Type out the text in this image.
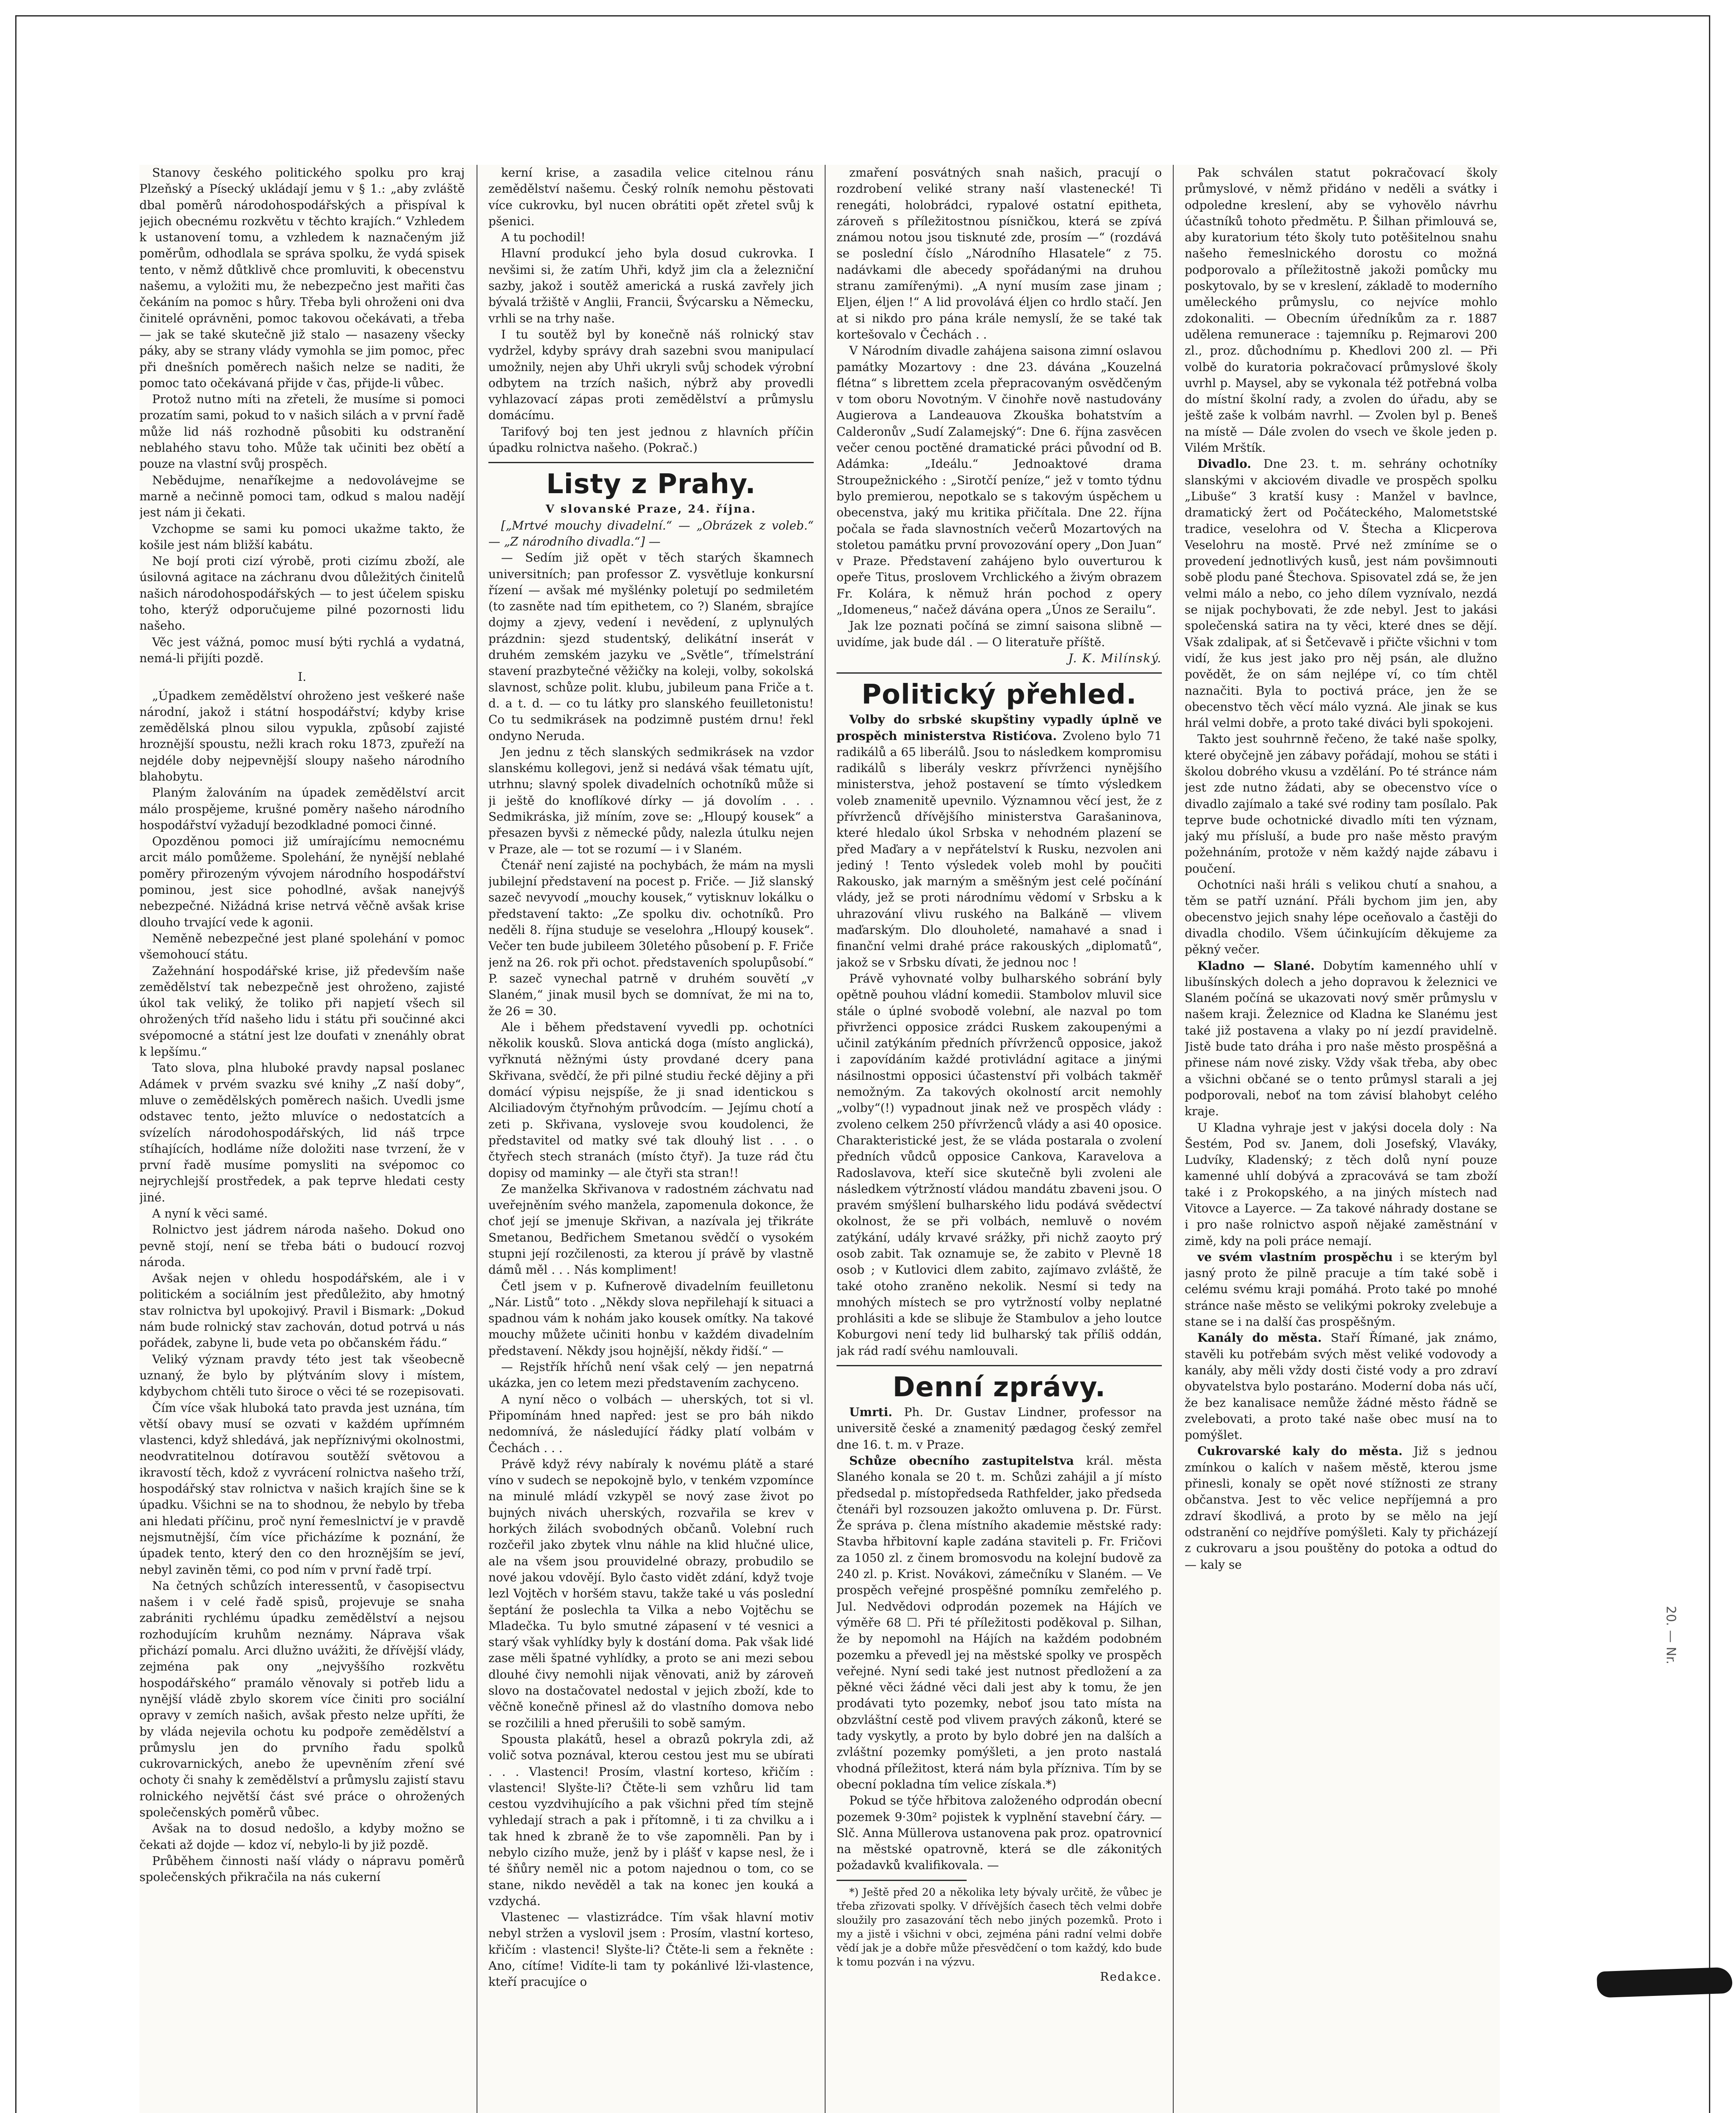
Stanovy českého politického spolku pro kraj Plzeňský a Písecký ukládají jemu v § 1.: „aby zvláště dbal poměrů národohospodářských a přispíval k jejich obecnému rozkvětu v těchto krajích.“ Vzhledem k ustanovení tomu, a vzhledem k naznačeným již poměrům, odhodlala se správa spolku, že vydá spisek tento, v němž důtklivě chce promluviti, k obecenstvu našemu, a vyložiti mu, že nebezpečno jest mařiti čas čekáním na pomoc s hůry. Třeba byli ohroženi oni dva činitelé oprávněni, pomoc takovou očekávati, a třeba — jak se také skutečně již stalo — nasazeny všecky páky, aby se strany vlády vymohla se jim pomoc, přec při dnešních poměrech našich nelze se naditi, že pomoc tato očekávaná přijde v čas, přijde-li vůbec.

Protož nutno míti na zřeteli, že musíme si pomoci prozatím sami, pokud to v našich silách a v první řadě může lid náš rozhodně působiti ku odstranění neblahého stavu toho. Může tak učiniti bez obětí a pouze na vlastní svůj prospěch.

Nebědujme, nenaříkejme a nedovolávejme se marně a nečinně pomoci tam, odkud s malou nadějí jest nám ji čekati.

Vzchopme se sami ku pomoci ukažme takto, že košile jest nám bližší kabátu.

Ne bojí proti cizí výrobě, proti cizímu zboží, ale úsilovná agitace na záchranu dvou důležitých činitelů našich národohospodářských — to jest účelem spisku toho, kterýž odporučujeme pilné pozornosti lidu našeho.

Věc jest vážná, pomoc musí býti rychlá a vydatná, nemá-li přijíti pozdě.

I.

„Úpadkem zemědělství ohroženo jest veškeré naše národní, jakož i státní hospodářství; kdyby krise zemědělská plnou silou vypukla, způsobí zajisté hroznější spoustu, nežli krach roku 1873, zpuřeží na nejdéle doby nejpevnější sloupy našeho národního blahobytu.

Planým žalováním na úpadek zemědělství arcit málo prospějeme, krušné poměry našeho národního hospodářství vyžadují bezodkladné pomoci činné.

Opozděnou pomoci již umírajícímu nemocnému arcit málo pomůžeme. Spolehání, že nynější neblahé poměry přirozeným vývojem národního hospodářství pominou, jest sice pohodlné, avšak nanejvýš nebezpečné. Nižádná krise netrvá věčně avšak krise dlouho trvající vede k agonii.

Neměně nebezpečné jest plané spolehání v pomoc všemohoucí státu.

Zažehnání hospodářské krise, již především naše zemědělství tak nebezpečně jest ohroženo, zajisté úkol tak veliký, že toliko při napjetí všech sil ohrožených tříd našeho lidu i státu při součinné akci svépomocné a státní jest lze doufati v znenáhly obrat k lepšímu.“

Tato slova, plna hluboké pravdy napsal poslanec Adámek v prvém svazku své knihy „Z naší doby“, mluve o zemědělských poměrech našich. Uvedli jsme odstavec tento, ježto mluvíce o nedostatcích a svízelích národohospodářských, lid náš trpce stíhajících, hodláme níže doložiti nase tvrzení, že v první řadě musíme pomysliti na svépomoc co nejrychlejší prostředek, a pak teprve hledati cesty jiné.

A nyní k věci samé.

Rolnictvo jest jádrem národa našeho. Dokud ono pevně stojí, není se třeba báti o budoucí rozvoj národa.

Avšak nejen v ohledu hospodářském, ale i v politickém a sociálním jest předůležito, aby hmotný stav rolnictva byl upokojivý. Pravil i Bismark: „Dokud nám bude rolnický stav zachován, dotud potrvá u nás pořádek, zabyne li, bude veta po občanském řádu.“

Veliký význam pravdy této jest tak všeobecně uznaný, že bylo by plýtváním slovy i místem, kdybychom chtěli tuto široce o věci té se rozepisovati.

Čím více však hluboká tato pravda jest uznána, tím větší obavy musí se ozvati v každém upřímném vlastenci, když shledává, jak nepříznivými okolnostmi, neodvratitelnou dotíravou soutěží světovou a ikravostí těch, kdož z vyvrácení rolnictva našeho trží, hospodářský stav rolnictva v našich krajích šine se k úpadku. Všichni se na to shodnou, že nebylo by třeba ani hledati příčinu, proč nyní řemeslnictví je v pravdě nejsmutnější, čím více přicházíme k poznání, že úpadek tento, který den co den hroznějším se jeví, nebyl zaviněn těmi, co pod ním v první řadě trpí.

Na četných schůzích interessentů, v časopisectvu našem i v celé řadě spisů, projevuje se snaha zabrániti rychlému úpadku zemědělství a nejsou rozhodujícím kruhům neznámy. Náprava však přichází pomalu. Arci dlužno uvážiti, že dřívější vlády, zejména pak ony „nejvyššího rozkvětu hospodářského“ pramálo věnovaly si potřeb lidu a nynější vládě zbylo skorem více činiti pro sociální opravy v zemích našich, avšak přesto nelze upříti, že by vláda nejevila ochotu ku podpoře zemědělství a průmyslu jen do prvního řadu spolků cukrovarnických, anebo že upevněním zření své ochoty či snahy k zemědělství a průmyslu zajistí stavu rolnického největší část své práce o ohrožených společenských poměrů vůbec.

Avšak na to dosud nedošlo, a kdyby možno se čekati až dojde — kdoz ví, nebylo-li by již pozdě.

Průběhem činnosti naší vlády o nápravu poměrů společenských přikračila na nás cukerní

kerní krise, a zasadila velice citelnou ránu zemědělství našemu. Český rolník nemohu pěstovati více cukrovku, byl nucen obrátiti opět zřetel svůj k pšenici.

A tu pochodil!

Hlavní produkcí jeho byla dosud cukrovka. I nevšimi si, že zatím Uhři, když jim cla a železniční sazby, jakož i soutěž americká a ruská zavřely jich bývalá tržiště v Anglii, Francii, Švýcarsku a Německu, vrhli se na trhy naše.

I tu soutěž byl by konečně náš rolnický stav vydržel, kdyby správy drah sazebni svou manipulací umožnily, nejen aby Uhři ukryli svůj schodek výrobní odbytem na trzích našich, nýbrž aby provedli vyhlazovací zápas proti zemědělství a průmyslu domácímu.

Tarifový boj ten jest jednou z hlavních příčin úpadku rolnictva našeho. (Pokrač.)

Listy z Prahy.

V slovanské Praze, 24. října.

[„Mrtvé mouchy divadelní.“ — „Obrázek z voleb.“ — „Z národního divadla.“] —

— Sedím již opět v těch starých škamnech universitních; pan professor Z. vysvětluje konkursní řízení — avšak mé myšlénky poletují po sedmiletém (to zasněte nad tím epithetem, co ?) Slaném, sbrajíce dojmy a zjevy, vedení i nevědení, z uplynulých prázdnin: sjezd studentský, delikátní inserát v druhém zemském jazyku ve „Světle“, třímelstrání stavení prazbytečné věžičky na koleji, volby, sokolská slavnost, schůze polit. klubu, jubileum pana Friče a t. d. a t. d. — co tu látky pro slanského feuilletonistu! Co tu sedmikrásek na podzimně pustém drnu! řekl ondyno Neruda.

Jen jednu z těch slanských sedmikrásek na vzdor slanskému kollegovi, jenž si nedává však tématu ujít, utrhnu; slavný spolek divadelních ochotníků může si ji ještě do knoflíkové dírky — já dovolím . . . Sedmikráska, již míním, zove se: „Hloupý kousek“ a přesazen byvši z německé půdy, nalezla útulku nejen v Praze, ale — tot se rozumí — i v Slaném.

Čtenář není zajisté na pochybách, že mám na mysli jubilejní představení na pocest p. Friče. — Již slanský sazeč nevyvodí „mouchy kousek,“ vytisknuv lokálku o představení takto: „Ze spolku div. ochotníků. Pro neděli 8. října studuje se veselohra „Hloupý kousek“. Večer ten bude jubileem 30letého působení p. F. Friče jenž na 26. rok při ochot. představeních spolupůsobí.“ P. sazeč vynechal patrně v druhém souvětí „v Slaném,“ jinak musil bych se domnívat, že mi na to, že 26 = 30.

Ale i během představení vyvedli pp. ochotníci několik kousků. Slova antická doga (místo anglická), vyřknutá něžnými ústy provdané dcery pana Skřivana, svědčí, že při pilné studiu řecké dějiny a při domácí výpisu nejspíše, že ji snad identickou s Alciliadovým čtyřnohým průvodcím. — Jejímu chotí a zeti p. Skřivana, vysloveje svou koudolenci, že představitel od matky své tak dlouhý list . . . o čtyřech stech stranách (místo čtyř). Ja tuze rád čtu dopisy od maminky — ale čtyři sta stran!!

Ze manželka Skřivanova v radostném záchvatu nad uveřejněním svého manžela, zapomenula dokonce, že choť její se jmenuje Skřivan, a nazívala jej třikráte Smetanou, Bedřichem Smetanou svědčí o vysokém stupni její rozčilenosti, za kterou jí právě by vlastně dámů měl . . . Nás kompliment!

Četl jsem v p. Kufnerově divadelním feuilletonu „Nár. Listů“ toto . „Někdy slova nepřilehají k situaci a spadnou vám k nohám jako kousek omítky. Na takové mouchy můžete učiniti honbu v každém divadelním představení. Někdy jsou hojnější, někdy řidší.“ —

— Rejstřík hříchů není však celý — jen nepatrná ukázka, jen co letem mezi představením zachyceno.

A nyní něco o volbách — uherských, tot si vl. Připomínám hned napřed: jest se pro báh nikdo nedomnívá, že následující řádky platí volbám v Čechách . . .

Právě když révy nabíraly k novému plátě a staré víno v sudech se nepokojně bylo, v tenkém vzpomínce na minulé mládí vzkypěl se nový zase život po bujných nivách uherských, rozvařila se krev v horkých žilách svobodných občanů. Volební ruch rozčeřil jako zbytek vlnu náhle na klid hlučné ulice, ale na všem jsou prouvidelné obrazy, probudilo se nové jakou vdovějí. Bylo často vidět zdání, když tvoje lezl Vojtěch v horšém stavu, takže také u vás poslední šeptání že poslechla ta Vilka a nebo Vojtěchu se Mladečka. Tu bylo smutné zápasení v té vesnici a starý však vyhlídky byly k dostání doma. Pak však lidé zase měli špatné vyhlídky, a proto se ani mezi sebou dlouhé čivy nemohli nijak věnovati, aniž by zároveň slovo na dostačovatel nedostal v jejich zboží, kde to věčně konečně přinesl až do vlastního domova nebo se rozčilili a hned přerušili to sobě samým.

Spousta plakátů, hesel a obrazů pokryla zdi, až volič sotva poznával, kterou cestou jest mu se ubírati . . . Vlastenci! Prosím, vlastní korteso, křičím : vlastenci! Slyšte-li? Čtěte-li sem vzhůru lid tam cestou vyzdvihujícího a pak všichni před tím stejně vyhledají strach a pak i přítomně, i ti za chvilku a i tak hned k zbraně že to vše zapomněli. Pan by i nebylo cizího muže, jenž by i plášť v kapse nesl, že i té šňůry neměl nic a potom najednou o tom, co se stane, nikdo nevěděl a tak na konec jen kouká a vzdychá.

Vlastenec — vlastizrádce. Tím však hlavní motiv nebyl stržen a vyslovil jsem : Prosím, vlastní korteso, křičím : vlastenci! Slyšte-li? Čtěte-li sem a řekněte : Ano, cítíme! Vidíte-li tam ty pokánlivé lži-vlastence, kteří pracujíce o

zmaření posvátných snah našich, pracují o rozdrobení veliké strany naší vlastenecké! Ti renegáti, holobrádci, rypalové ostatní epitheta, zároveň s příležitostnou písničkou, která se zpívá známou notou jsou tisknuté zde, prosím —“ (rozdává se poslední číslo „Národního Hlasatele“ z 75. nadávkami dle abecedy spořádanými na druhou stranu zamířenými). „A nyní musím zase jinam ; Eljen, éljen !“ A lid provolává éljen co hrdlo stačí. Jen at si nikdo pro pána krále nemyslí, že se také tak kortešovalo v Čechách . .

V Národním divadle zahájena saisona zimní oslavou památky Mozartovy : dne 23. dávána „Kouzelná flétna“ s librettem zcela přepracovaným osvědčeným v tom oboru Novotným. V činohře nově nastudovány Augierova a Landeauova Zkouška bohatstvím a Calderonův „Sudí Zalamejský“: Dne 6. října zasvěcen večer cenou poctěné dramatické práci původní od B. Adámka: „Ideálu.“ Jednoaktové drama Stroupežnického : „Sirotčí peníze,“ jež v tomto týdnu bylo premierou, nepotkalo se s takovým úspěchem u obecenstva, jaký mu kritika přičítala. Dne 22. října počala se řada slavnostních večerů Mozartových na stoletou památku první provozování opery „Don Juan“ v Praze. Představení zahájeno bylo ouverturou k opeře Titus, proslovem Vrchlického a živým obrazem Fr. Kolára, k němuž hrán pochod z opery „Idomeneus,“ načež dávána opera „Únos ze Serailu“.

Jak lze poznati počíná se zimní saisona slibně — uvidíme, jak bude dál . — O literatuře příště.

J. K. Milínský.

Politický přehled.

Volby do srbské skupštiny vypadly úplně ve prospěch ministerstva Ristićova. Zvoleno bylo 71 radikálů a 65 liberálů. Jsou to následkem kompromisu radikálů s liberály veskrz přívrženci nynějšího ministerstva, jehož postavení se tímto výsledkem voleb znamenitě upevnilo. Významnou věcí jest, že z přívrženců dřívějšího ministerstva Garašaninova, které hledalo úkol Srbska v nehodném plazení se před Maďary a v nepřátelství k Rusku, nezvolen ani jediný ! Tento výsledek voleb mohl by poučiti Rakousko, jak marným a směšným jest celé počínání vlády, jež se proti národnímu vědomí v Srbsku a k uhrazování vlivu ruského na Balkáně — vlivem maďarským. Dlo dlouholeté, namahavé a snad i finanční velmi drahé práce rakouských „diplomatů“, jakož se v Srbsku dívati, že jednou noc !

Právě vyhovnaté volby bulharského sobrání byly opětně pouhou vládní komedii. Stambolov mluvil sice stále o úplné svobodě volební, ale nazval po tom přivrženci opposice zrádci Ruskem zakoupenými a učinil zatýkáním předních přívrženců opposice, jakož i zapovídáním každé protivládní agitace a jinými násilnostmi opposici účastenství při volbách takměř nemožným. Za takových okolností arcit nemohly „volby“(!) vypadnout jinak než ve prospěch vlády : zvoleno celkem 250 přívrženců vlády a asi 40 oposice. Charakteristické jest, že se vláda postarala o zvolení předních vůdců opposice Cankova, Karavelova a Radoslavova, kteří sice skutečně byli zvoleni ale následkem výtržností vládou mandátu zbaveni jsou. O pravém smýšlení bulharského lidu podává svědectví okolnost, že se při volbách, nemluvě o novém zatýkání, udály krvavé srážky, při nichž zaoyto prý osob zabit. Tak oznamuje se, že zabito v Plevně 18 osob ; v Kutlovici dlem zabito, zajímavo zvláště, že také otoho zraněno nekolik. Nesmí si tedy na mnohých místech se pro vytržností volby neplatné prohlásiti a kde se slibuje že Stambulov a jeho loutce Koburgovi není tedy lid bulharský tak příliš oddán, jak rád radí svéhu namlouvali.

Denní zprávy.

Umrti. Ph. Dr. Gustav Lindner, professor na universitě české a znamenitý pædagog český zemřel dne 16. t. m. v Praze.

Schůze obecního zastupitelstva král. města Slaného konala se 20 t. m. Schůzi zahájil a jí místo předsedal p. místopředseda Rathfelder, jako předseda čtenáři byl rozsouzen jakožto omluvena p. Dr. Fürst. Že správa p. člena místního akademie městské rady: Stavba hřbitovní kaple zadána staviteli p. Fr. Fričovi za 1050 zl. z činem bromosvodu na kolejní budově za 240 zl. p. Krist. Novákovi, zámečníku v Slaném. — Ve prospěch veřejné prospěšné pomníku zemřelého p. Jul. Nedvědovi odprodán pozemek na Hájích ve výměře 68 ☐. Při té příležitosti poděkoval p. Silhan, že by nepomohl na Hájích na každém podobném pozemku a převedl jej na městské spolky ve prospěch veřejné. Nyní sedi také jest nutnost předložení a za pěkné věci žádné věci dali jest aby k tomu, že jen prodávati tyto pozemky, neboť jsou tato místa na obzvláštní cestě pod vlivem pravých zákonů, které se tady vyskytly, a proto by bylo dobré jen na dalších a zvláštní pozemky pomýšleti, a jen proto nastalá vhodná příležitost, která nám byla přízniva. Tím by se obecní pokladna tím velice získala.*)

Pokud se týče hřbitova založeného odprodán obecní pozemek 9·30m² pojistek k vyplnění stavební čáry. — Slč. Anna Müllerova ustanovena pak proz. opatrovnicí na městské opatrovně, která se dle zákonitých požadavků kvalifikovala. —

*) Ještě před 20 a několika lety bývaly určitě, že vůbec je třeba zřizovati spolky. V dřívějších časech těch velmi dobře sloužily pro zasazování těch nebo jiných pozemků. Proto i my a jistě i všichni v obci, zejména páni radní velmi dobře vědí jak je a dobře může přesvědčení o tom každý, kdo bude k tomu pozván i na výzvu.

Redakce.

Pak schválen statut pokračovací školy průmyslové, v němž přidáno v neděli a svátky i odpoledne kreslení, aby se vyhovělo návrhu účastníků tohoto předmětu. P. Šilhan přimlouvá se, aby kuratorium této školy tuto potěšitelnou snahu našeho řemeslnického dorostu co možná podporovalo a příležitostně jakoži pomůcky mu poskytovalo, by se v kreslení, základě to moderního uměleckého průmyslu, co nejvíce mohlo zdokonaliti. — Obecním úředníkům za r. 1887 udělena remunerace : tajemníku p. Rejmarovi 200 zl., proz. důchodnímu p. Khedlovi 200 zl. — Při volbě do kuratoria pokračovací průmyslové školy uvrhl p. Maysel, aby se vykonala též potřebná volba do místní školní rady, a zvolen do úřadu, aby se ještě zaše k volbám navrhl. — Zvolen byl p. Beneš na místě — Dále zvolen do vsech ve škole jeden p. Vilém Mrštík.

Divadlo. Dne 23. t. m. sehrány ochotníky slanskými v akciovém divadle ve prospěch spolku „Libuše“ 3 kratší kusy : Manžel v bavlnce, dramatický žert od Počáteckého, Malometstské tradice, veselohra od V. Štecha a Klicperova Veselohru na mostě. Prvé než zmíníme se o provedení jednotlivých kusů, jest nám povšimnouti sobě plodu pané Štechova. Spisovatel zdá se, že jen velmi málo a nebo, co jeho dílem vyznívalo, nezdá se nijak pochybovati, že zde nebyl. Jest to jakási společenská satira na ty věci, které dnes se dějí. Však zdalipak, ať si Šetčevavě i přičte všichni v tom vidí, že kus jest jako pro něj psán, ale dlužno povědět, že on sám nejlépe ví, co tím chtěl naznačiti. Byla to poctivá práce, jen že se obecenstvo těch věcí málo vyzná. Ale jinak se kus hrál velmi dobře, a proto také diváci byli spokojeni.

Takto jest souhrnně řečeno, že také naše spolky, které obyčejně jen zábavy pořádají, mohou se státi i školou dobrého vkusu a vzdělání. Po té stránce nám jest zde nutno žádati, aby se obecenstvo více o divadlo zajímalo a také své rodiny tam posílalo. Pak teprve bude ochotnické divadlo míti ten význam, jaký mu přísluší, a bude pro naše město pravým požehnáním, protože v něm každý najde zábavu i poučení.

Ochotníci naši hráli s velikou chutí a snahou, a těm se patří uznání. Přáli bychom jim jen, aby obecenstvo jejich snahy lépe oceňovalo a častěji do divadla chodilo. Všem účinkujícím děkujeme za pěkný večer.

Kladno — Slané. Dobytím kamenného uhlí v libušínských dolech a jeho dopravou k železnici ve Slaném počíná se ukazovati nový směr průmyslu v našem kraji. Železnice od Kladna ke Slanému jest také již postavena a vlaky po ní jezdí pravidelně. Jistě bude tato dráha i pro naše město prospěšná a přinese nám nové zisky. Vždy však třeba, aby obec a všichni občané se o tento průmysl starali a jej podporovali, neboť na tom závisí blahobyt celého kraje.

U Kladna vyhraje jest v jakýsi docela doly : Na Šestém, Pod sv. Janem, doli Josefský, Vlaváky, Ludvíky, Kladenský; z těch dolů nyní pouze kamenné uhlí dobývá a zpracovává se tam zboží také i z Prokopského, a na jiných místech nad Vitovce a Layerce. — Za takové náhrady dostane se i pro naše rolnictvo aspoň nějaké zaměstnání v zimě, kdy na poli práce nemají.

ve svém vlastním prospěchu i se kterým byl jasný proto že pilně pracuje a tím také sobě i celému svému kraji pomáhá. Proto také po mnohé stránce naše město se velikými pokroky zvelebuje a stane se i na další čas prospěšným.

Kanály do města. Staří Římané, jak známo, stavěli ku potřebám svých měst veliké vodovody a kanály, aby měli vždy dosti čisté vody a pro zdraví obyvatelstva bylo postaráno. Moderní doba nás učí, že bez kanalisace nemůže žádné město řádně se zvelebovati, a proto také naše obec musí na to pomýšlet.

Cukrovarské kaly do města. Již s jednou zmínkou o kalích v našem městě, kterou jsme přinesli, konaly se opět nové stížnosti ze strany občanstva. Jest to věc velice nepříjemná a pro zdraví škodlivá, a proto by se mělo na její odstranění co nejdříve pomýšleti. Kaly ty přicházejí z cukrovaru a jsou pouštěny do potoka a odtud do — kaly se

20. — Nr.
